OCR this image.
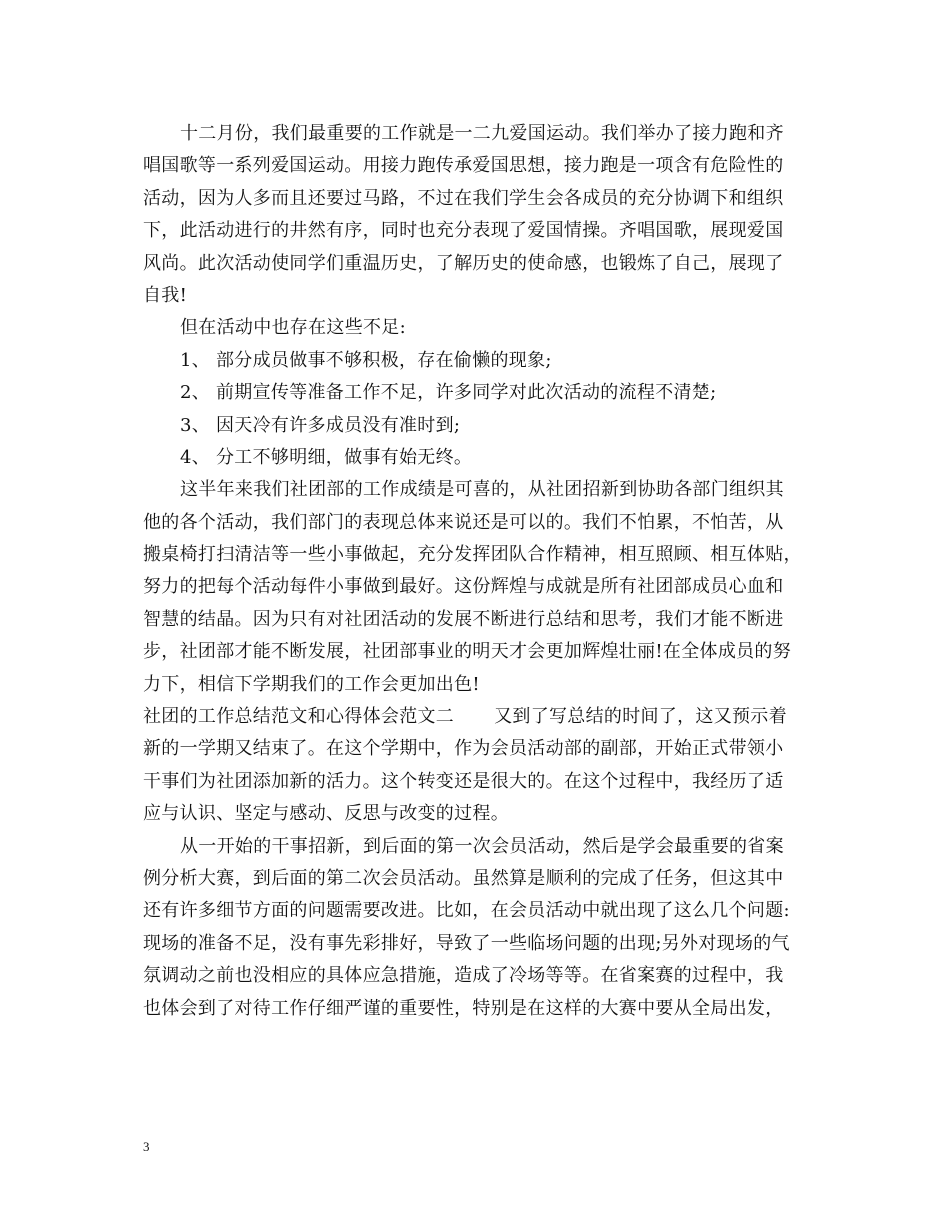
十二月份，我们最重要的工作就是一二九爱国运动。我们举办了接力跑和齐
唱国歌等一系列爱国运动。用接力跑传承爱国思想，接力跑是一项含有危险性的
活动，因为人多而且还要过马路，不过在我们学生会各成员的充分协调下和组织
下，此活动进行的井然有序，同时也充分表现了爱国情操。齐唱国歌，展现爱国
风尚。此次活动使同学们重温历史，了解历史的使命感，也锻炼了自己，展现了
自我!
但在活动中也存在这些不足:
1、 部分成员做事不够积极，存在偷懒的现象;
2、 前期宣传等准备工作不足，许多同学对此次活动的流程不清楚;
3、 因天冷有许多成员没有准时到;
4、 分工不够明细，做事有始无终。
这半年来我们社团部的工作成绩是可喜的，从社团招新到协助各部门组织其
他的各个活动，我们部门的表现总体来说还是可以的。我们不怕累，不怕苦，从
搬桌椅打扫清洁等一些小事做起，充分发挥团队合作精神，相互照顾、相互体贴，
努力的把每个活动每件小事做到最好。这份辉煌与成就是所有社团部成员心血和
智慧的结晶。因为只有对社团活动的发展不断进行总结和思考，我们才能不断进
步，社团部才能不断发展，社团部事业的明天才会更加辉煌壮丽!在全体成员的努
力下，相信下学期我们的工作会更加出色!
社团的工作总结范文和心得体会范文二 又到了写总结的时间了，这又预示着
新的一学期又结束了。在这个学期中，作为会员活动部的副部，开始正式带领小
干事们为社团添加新的活力。这个转变还是很大的。在这个过程中，我经历了适
应与认识、坚定与感动、反思与改变的过程。
从一开始的干事招新，到后面的第一次会员活动，然后是学会最重要的省案
例分析大赛，到后面的第二次会员活动。虽然算是顺利的完成了任务，但这其中
还有许多细节方面的问题需要改进。比如，在会员活动中就出现了这么几个问题:
现场的准备不足，没有事先彩排好，导致了一些临场问题的出现;另外对现场的气
氛调动之前也没相应的具体应急措施，造成了冷场等等。在省案赛的过程中，我
也体会到了对待工作仔细严谨的重要性，特别是在这样的大赛中要从全局出发，
3
